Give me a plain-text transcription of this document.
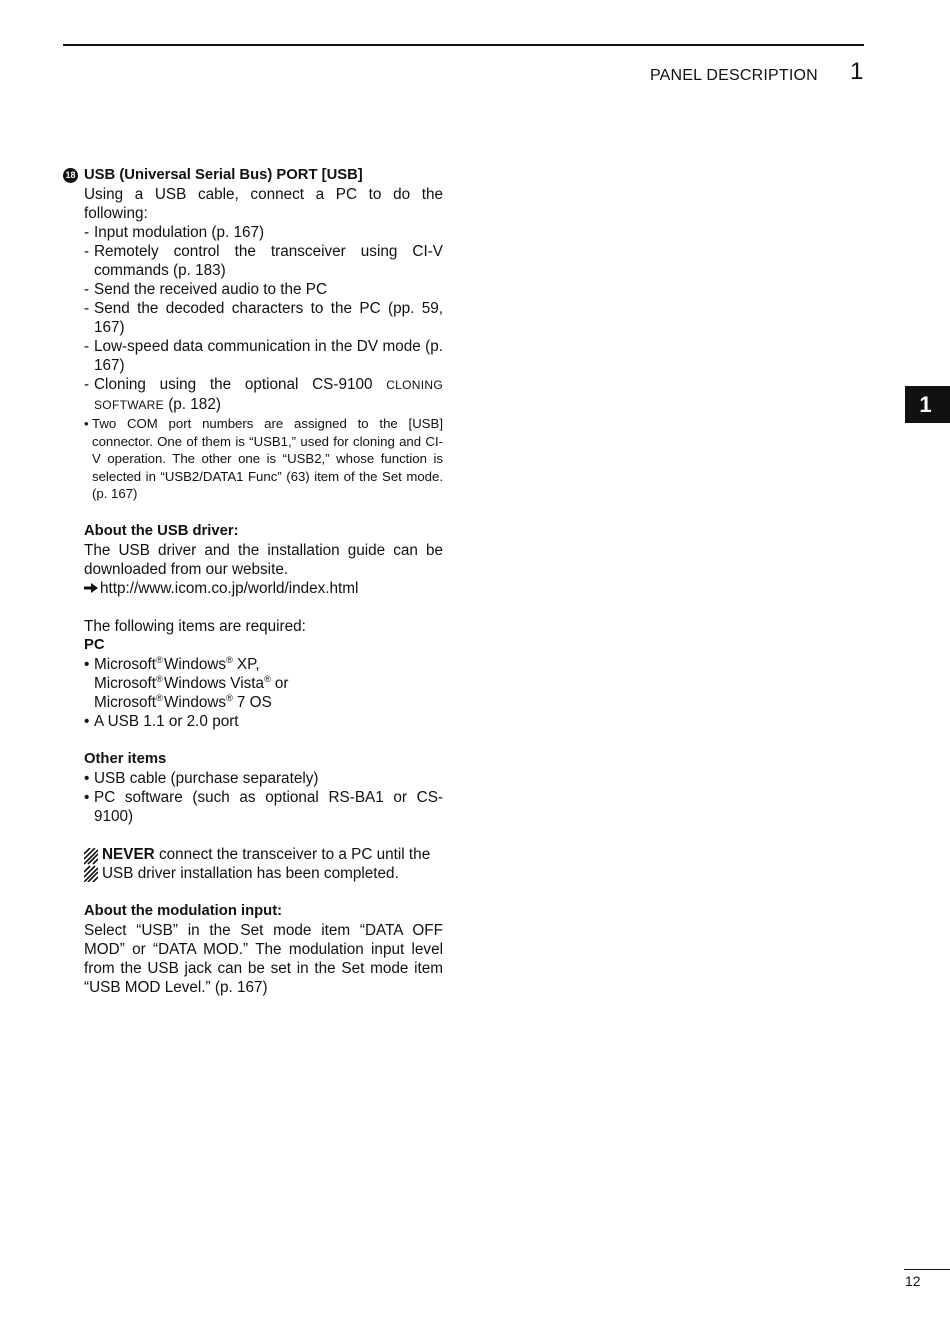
PANEL DESCRIPTION 1
1

18 USB (Universal Serial Bus) PORT [USB]

Using a USB cable, connect a PC to do the following:

- Input modulation (p. 167)
- Remotely control the transceiver using CI-V commands (p. 183)
- Send the received audio to the PC
- Send the decoded characters to the PC (pp. 59, 167)
- Low-speed data communication in the DV mode (p. 167)
- Cloning using the optional CS-9100 CLONING SOFTWARE (p. 182)
• Two COM port numbers are assigned to the [USB] connector. One of them is “USB1,” used for cloning and CI-V operation. The other one is “USB2,” whose function is selected in “USB2/DATA1 Func” (63) item of the Set mode. (p. 167)

About the USB driver:

The USB driver and the installation guide can be downloaded from our website.

http://www.icom.co.jp/world/index.html

The following items are required:

PC

• Microsoft® Windows® XP,
Microsoft® Windows Vista® or
Microsoft® Windows® 7 OS
• A USB 1.1 or 2.0 port

Other items

• USB cable (purchase separately)
• PC software (such as optional RS-BA1 or CS-9100)

NEVER connect the transceiver to a PC until the USB driver installation has been completed.

About the modulation input:

Select “USB” in the Set mode item “DATA OFF MOD” or “DATA MOD.” The modulation input level from the USB jack can be set in the Set mode item “USB MOD Level.” (p. 167)

12
